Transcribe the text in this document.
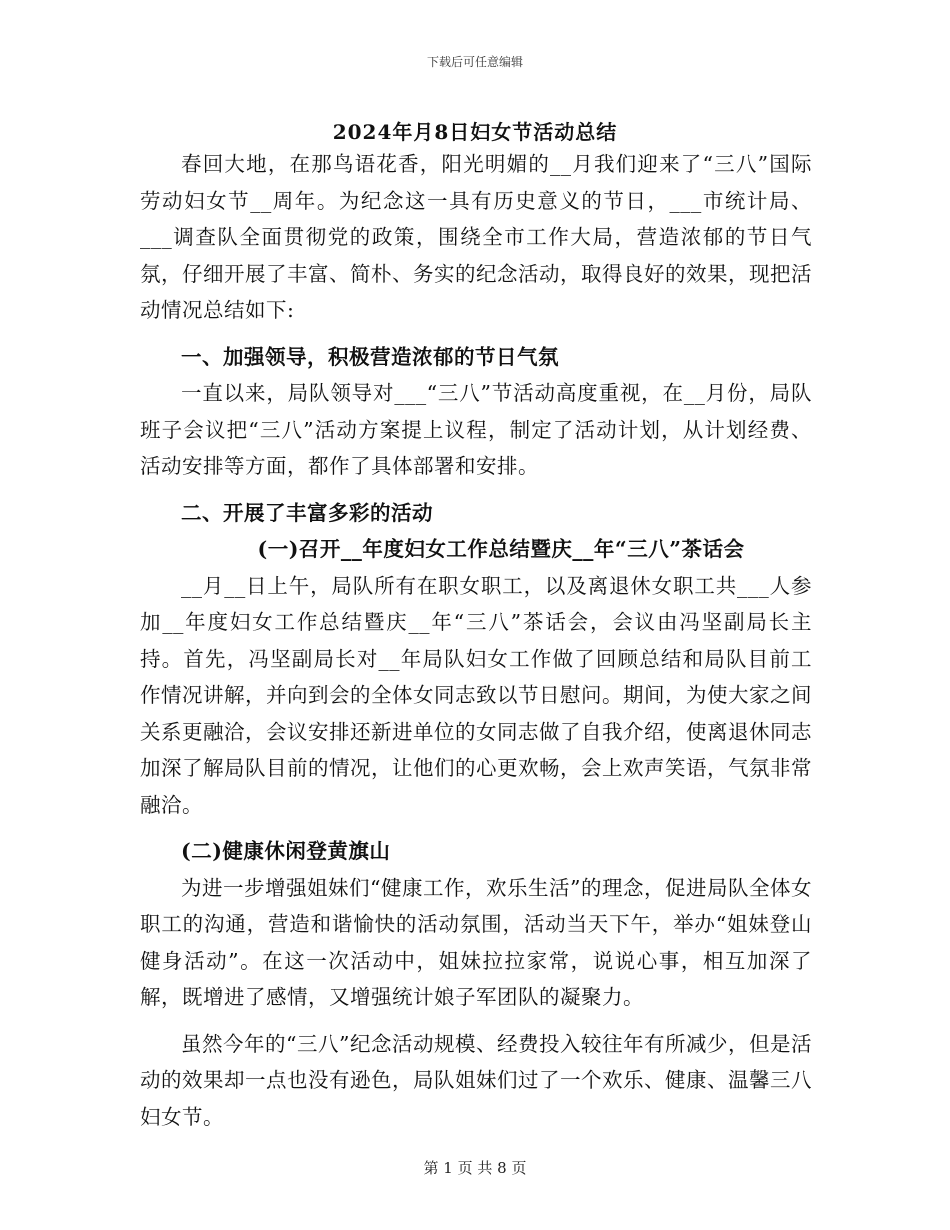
下载后可任意编辑
2024年月8日妇女节活动总结

春回大地，在那鸟语花香，阳光明媚的__月我们迎来了“三八”国际劳动妇女节__周年。为纪念这一具有历史意义的节日，___市统计局、___调查队全面贯彻党的政策，围绕全市工作大局，营造浓郁的节日气氛，仔细开展了丰富、简朴、务实的纪念活动，取得良好的效果，现把活动情况总结如下:

一、加强领导，积极营造浓郁的节日气氛

一直以来，局队领导对___“三八”节活动高度重视，在__月份，局队班子会议把“三八”活动方案提上议程，制定了活动计划，从计划经费、活动安排等方面，都作了具体部署和安排。

二、开展了丰富多彩的活动
(一)召开__年度妇女工作总结暨庆__年“三八”茶话会

__月__日上午，局队所有在职女职工，以及离退休女职工共___人参加__年度妇女工作总结暨庆__年“三八”茶话会，会议由冯坚副局长主持。首先，冯坚副局长对__年局队妇女工作做了回顾总结和局队目前工作情况讲解，并向到会的全体女同志致以节日慰问。期间，为使大家之间关系更融洽，会议安排还新进单位的女同志做了自我介绍，使离退休同志加深了解局队目前的情况，让他们的心更欢畅，会上欢声笑语，气氛非常融洽。

(二)健康休闲登黄旗山

为进一步增强姐妹们“健康工作，欢乐生活”的理念，促进局队全体女职工的沟通，营造和谐愉快的活动氛围，活动当天下午，举办“姐妹登山健身活动”。在这一次活动中，姐妹拉拉家常，说说心事，相互加深了解，既增进了感情，又增强统计娘子军团队的凝聚力。

虽然今年的“三八”纪念活动规模、经费投入较往年有所减少，但是活动的效果却一点也没有逊色，局队姐妹们过了一个欢乐、健康、温馨三八妇女节。

第 1 页 共 8 页
